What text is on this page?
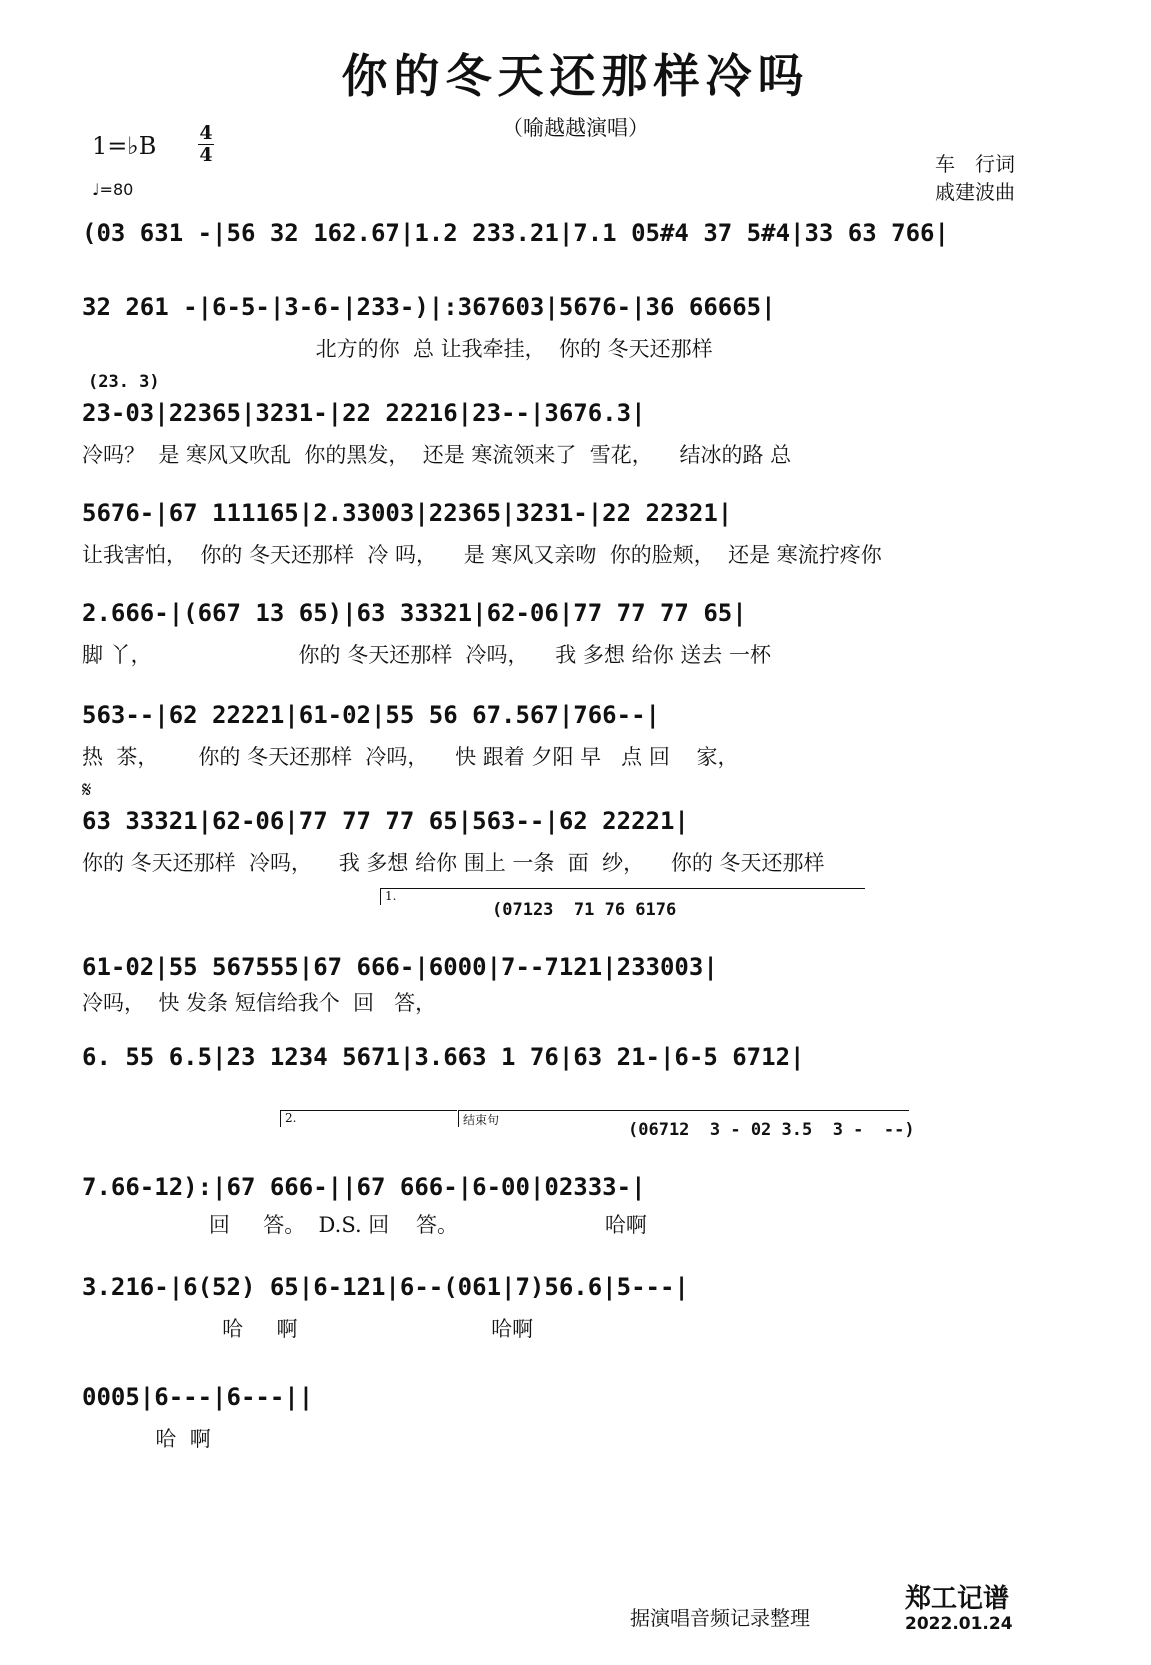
你的冬天还那样冷吗
（喻越越演唱）
1=♭B 4
4
♩=80
车　行词
戚建波曲
(03 631 -|56 32 162.67|1.2 233.21|7.1 05#4 37 5#4|33 63 766|
32 261 -|6-5-|3-6-|233-)|:367603|5676-|36 66665|
北方的你  总 让我牵挂，  你的 冬天还那样
(23. 3)
23-03|22365|3231-|22 22216|23--|3676.3|
冷吗？  是 寒风又吹乱  你的黑发，  还是 寒流领来了  雪花，    结冰的路 总
5676-|67 111165|2.33003|22365|3231-|22 22321|
让我害怕，  你的 冬天还那样  冷 吗，    是 寒风又亲吻  你的脸颊，  还是 寒流拧疼你
2.666-|(667 13 65)|63 33321|62-06|77 77 77 65|
脚 丫，                      你的 冬天还那样  冷吗，    我 多想 给你 送去 一杯
563--|62 22221|61-02|55 56 67.567|766--|
热  茶，      你的 冬天还那样  冷吗，    快 跟着 夕阳 早   点 回    家，
𝄋
63 33321|62-06|77 77 77 65|563--|62 22221|
你的 冬天还那样  冷吗，    我 多想 给你 围上 一条  面  纱，    你的 冬天还那样
1.
(07123  71 76 6176
61-02|55 567555|67 666-|6000|7--7121|233003|
冷吗，  快 发条 短信给我个  回   答，
6. 55 6.5|23 1234 5671|3.663 1 76|63 21-|6-5 6712|
2.	结束句	(06712  3 - 02 3.5  3 -  --)
7.66-12):|67 666-||67 666-|6-00|02333-|
回     答。  D.S. 回    答。                      哈啊
3.216-|6(52) 65|6-121|6--(061|7)56.6|5---|
哈     啊                             哈啊
0005|6---|6---||
哈  啊
据演唱音频记录整理
郑工记谱
2022.01.24
